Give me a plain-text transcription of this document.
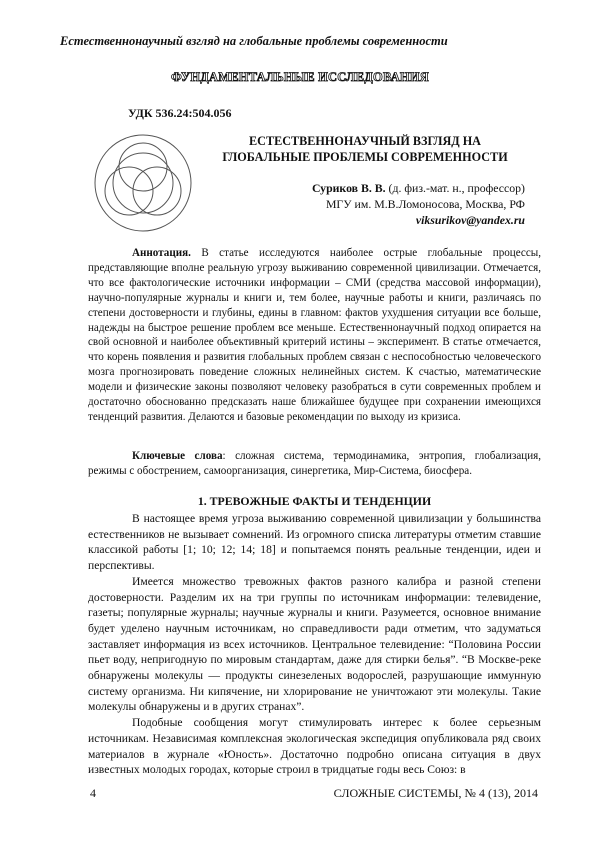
Естественнонаучный взгляд на глобальные проблемы современности
ФУНДАМЕНТАЛЬНЫЕ ИССЛЕДОВАНИЯ
УДК 536.24:504.056
ЕСТЕСТВЕННОНАУЧНЫЙ ВЗГЛЯД НА
ГЛОБАЛЬНЫЕ ПРОБЛЕМЫ СОВРЕМЕННОСТИ
Суриков В. В. (д. физ.-мат. н., профессор)
МГУ им. М.В.Ломоносова, Москва, РФ
viksurikov@yandex.ru

Аннотация. В статье исследуются наиболее острые глобальные процессы, представляющие вполне реальную угрозу выживанию современной цивилизации. Отмечается, что все фактологические источники информации – СМИ (средства массовой информации), научно-популярные журналы и книги и, тем более, научные работы и книги, различаясь по степени достоверности и глубины, едины в главном: фактов ухудшения ситуации все больше, надежды на быстрое решение проблем все меньше. Естественнонаучный подход опирается на свой основной и наиболее объективный критерий истины – эксперимент. В статье отмечается, что корень появления и развития глобальных проблем связан с неспособностью человеческого мозга прогнозировать поведение сложных нелинейных систем. К счастью, математические модели и физические законы позволяют человеку разобраться в сути современных проблем и достаточно обоснованно предсказать наше ближайшее будущее при сохранении имеющихся тенденций развития. Делаются и базовые рекомендации по выходу из кризиса.

Ключевые слова: сложная система, термодинамика, энтропия, глобализация, режимы с обострением, самоорганизация, синергетика, Мир-Система, биосфера.

1. ТРЕВОЖНЫЕ ФАКТЫ И ТЕНДЕНЦИИ

В настоящее время угроза выживанию современной цивилизации у большинства естественников не вызывает сомнений. Из огромного списка литературы отметим ставшие классикой работы [1; 10; 12; 14; 18] и попытаемся понять реальные тенденции, идеи и перспективы.

Имеется множество тревожных фактов разного калибра и разной степени достоверности. Разделим их на три группы по источникам информации: телевидение, газеты; популярные журналы; научные журналы и книги. Разумеется, основное внимание будет уделено научным источникам, но справедливости ради отметим, что задуматься заставляет информация из всех источников. Центральное телевидение: “Половина России пьет воду, непригодную по мировым стандартам, даже для стирки белья”. “В Москве-реке обнаружены молекулы — продукты синезеленых водорослей, разрушающие иммунную систему организма. Ни кипячение, ни хлорирование не уничтожают эти молекулы. Такие молекулы обнаружены и в других странах”.

Подобные сообщения могут стимулировать интерес к более серьезным источникам. Независимая комплексная экологическая экспедиция опубликовала ряд своих материалов в журнале «Юность». Достаточно подробно описана ситуация в двух известных молодых городах, которые строил в тридцатые годы весь Союз: в

4	СЛОЖНЫЕ СИСТЕМЫ, № 4 (13), 2014
